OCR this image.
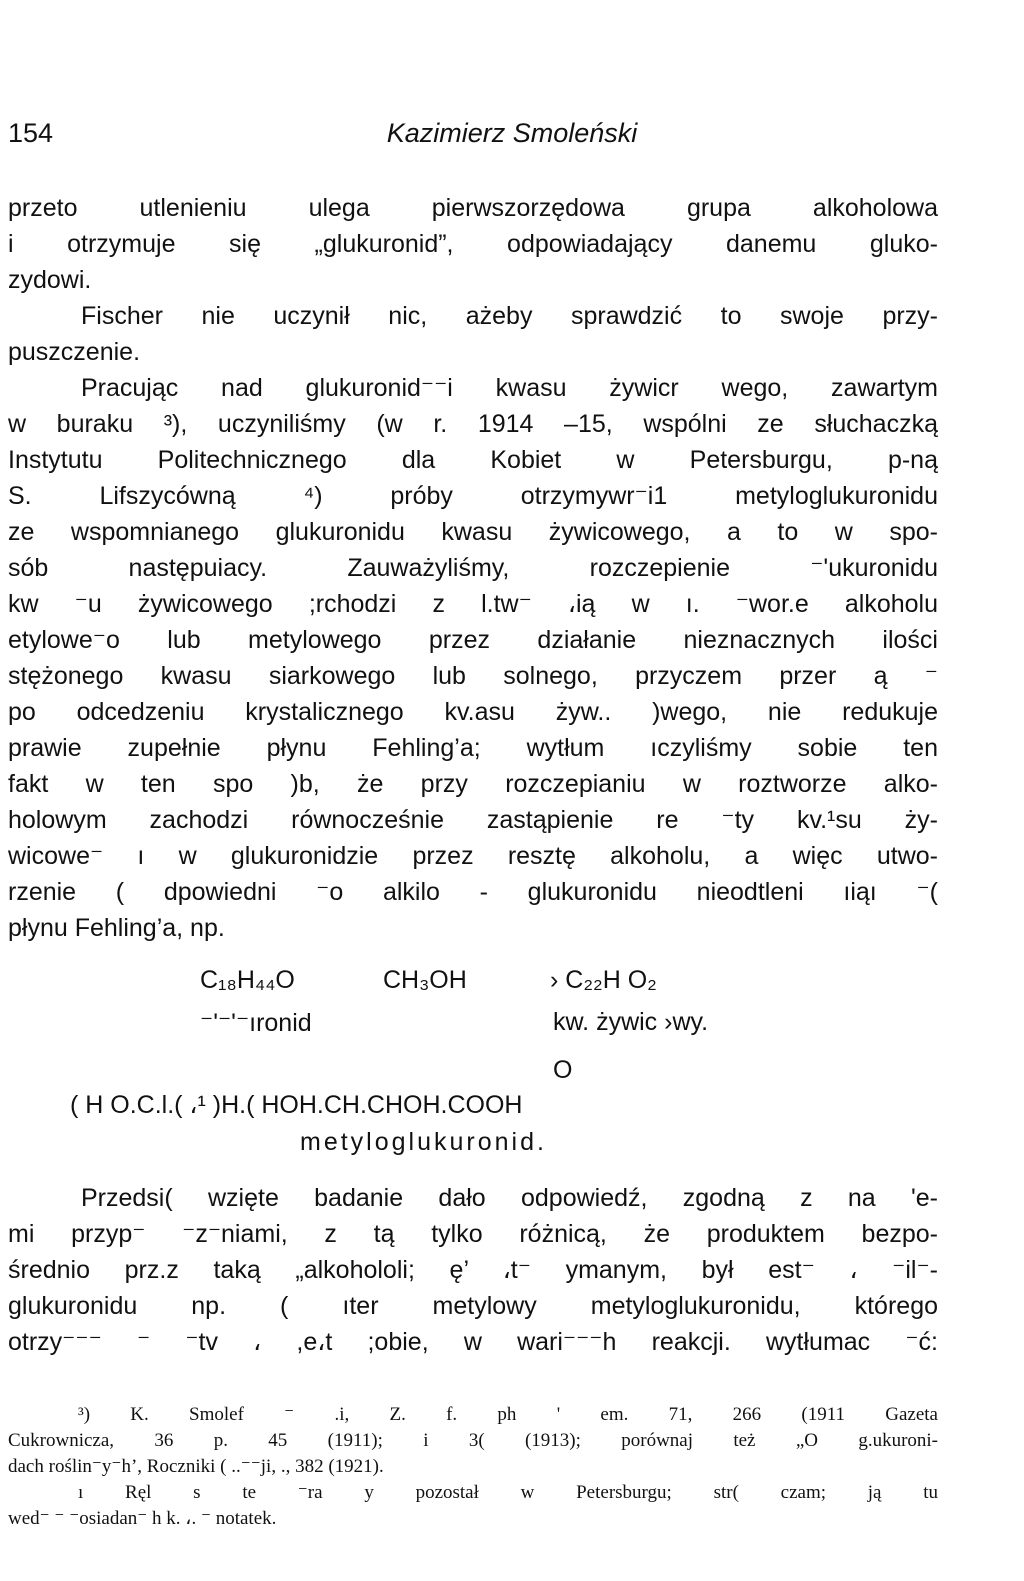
154	Kazimierz Smoleński
przeto utlenieniu ulega pierwszorzędowa grupa alkoholowa
i otrzymuje się „glukuronid”, odpowiadający danemu gluko-
zydowi.
Fischer nie uczynił nic, ażeby sprawdzić to swoje przy-
puszczenie.
Pracując nad glukuronid⁻⁻i kwasu żywicr wego, zawartym
w buraku ³), uczyniliśmy (w r. 1914 –15, wspólni ze słuchaczką
Instytutu Politechnicznego dla Kobiet w Petersburgu, p-ną
S. Lifszycówną ⁴) próby otrzymywr⁻i1 metyloglukuronidu
ze wspomnianego glukuronidu kwasu żywicowego, a to w spo-
sób następuiacy. Zauważyliśmy, rozczepienie ⁻'ukuronidu
kw ⁻u żywicowego ;rchodzi z l.tw⁻ ،ią w ı. ⁻wor.e alkoholu
etylowe⁻o lub metylowego przez działanie nieznacznych ilości
stężonego kwasu siarkowego lub solnego, przyczem przer ą ⁻
po odcedzeniu krystalicznego kv.asu żyw.. )wego, nie redukuje
prawie zupełnie płynu Fehling’a; wytłum ıczyliśmy sobie ten
fakt w ten spo )b, że przy rozczepianiu w roztworze alko-
holowym zachodzi równocześnie zastąpienie re ⁻ty kv.¹su ży-
wicowe⁻ ı w glukuronidzie przez resztę alkoholu, a więc utwo-
rzenie ( dpowiedni ⁻o alkilo - glukuronidu nieodtleni ıiąı ⁻(
płynu Fehling’a, np.
C₁₈H₄₄O	CH₃OH	› C₂₂H O₂
⁻'⁻'⁻ıronid	kw. żywic ›wy.
O
( H O.C.l.( ،¹ )H.( HOH.CH.CHOH.COOH
metyloglukuronid.
Przedsi( wzięte badanie dało odpowiedź, zgodną z na 'e-
mi przyp⁻ ⁻z⁻niami, z tą tylko różnicą, że produktem bezpo-
średnio prz.z taką „alkohololi; ę’ ،t⁻ ymanym, był est⁻ ، ⁻il⁻-
glukuronidu np. ( ıter metylowy metyloglukuronidu, którego
otrzy⁻⁻⁻ ⁻ ⁻tv ، ,e،t ;obie, w wari⁻⁻⁻h reakcji. wytłumac ⁻ć:
³) K. Smolef ⁻ .i, Z. f. ph ' em. 71, 266 (1911 Gazeta
Cukrownicza, 36 p. 45 (1911); i 3( (1913); porównaj też „O g.ukuroni-
dach roślin⁻y⁻h’, Roczniki ( ..⁻⁻ji, ., 382 (1921).
ı Ręl s te ⁻ra y pozostał w Petersburgu; str( czam; ją tu
wed⁻ ⁻ ⁻osiadan⁻ h k. ،. ⁻ notatek.
